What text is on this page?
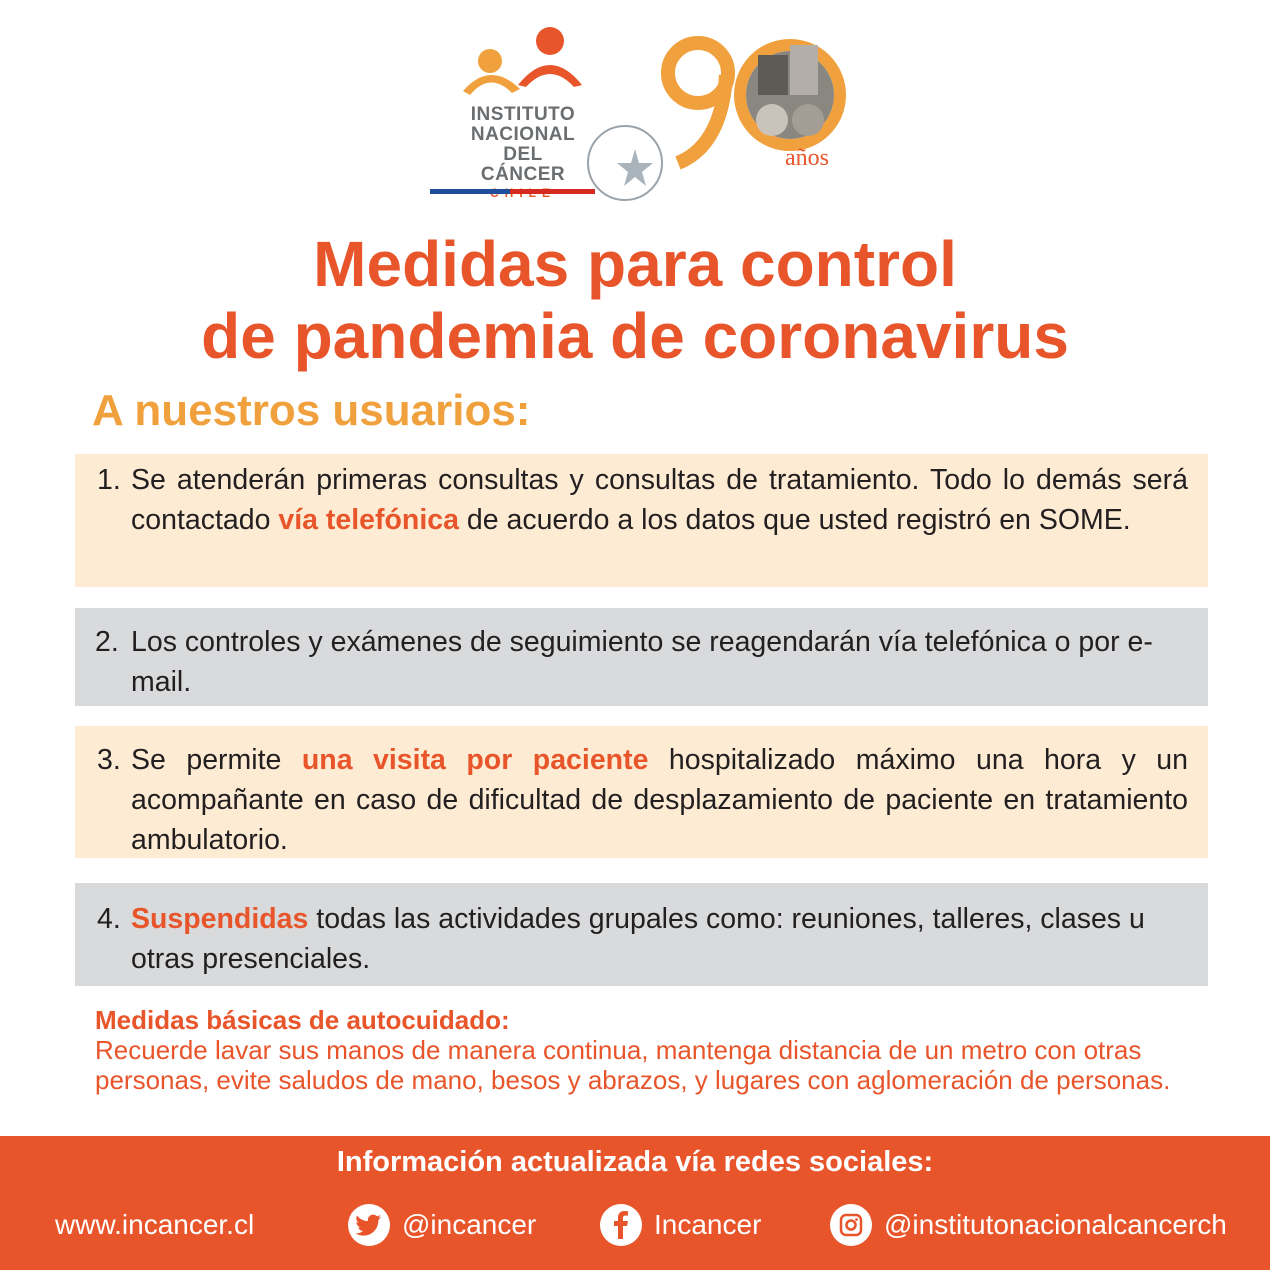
INSTITUTO
NACIONAL
DEL CÁNCER
años
Medidas para control
de pandemia de coronavirus
A nuestros usuarios:
1. Se atenderán primeras consultas y consultas de tratamiento. Todo lo demás será contactado vía telefónica de acuerdo a los datos que usted registró en SOME.
2. Los controles y exámenes de seguimiento se reagendarán vía telefónica o por e-mail.
3. Se permite una visita por paciente hospitalizado máximo una hora y un acompañante en caso de dificultad de desplazamiento de paciente en tratamiento ambulatorio.
4. Suspendidas todas las actividades grupales como: reuniones, talleres, clases u otras presenciales.
Medidas básicas de autocuidado:
Recuerde lavar sus manos de manera continua, mantenga distancia de un metro con otras personas, evite saludos de mano, besos y abrazos, y lugares con aglomeración de personas.
Información actualizada vía redes sociales:
www.incancer.cl	@incancer	Incancer	@institutonacionalcancerch
